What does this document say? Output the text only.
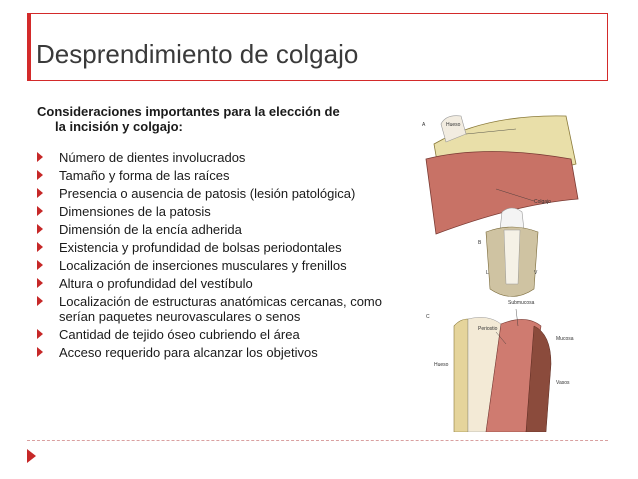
Desprendimiento de colgajo

Consideraciones importantes para la elección de
la incisión y colgajo:

Número de dientes involucrados
Tamaño y forma de las raíces
Presencia o ausencia de patosis (lesión patológica)
Dimensiones de la patosis
Dimensión de la encía adherida
Existencia y profundidad de bolsas periodontales
Localización de inserciones musculares y frenillos
Altura o profundidad del vestíbulo
Localización de estructuras anatómicas cercanas, como serían paquetes neurovasculares o senos
Cantidad de tejido óseo cubriendo el área
Acceso requerido para alcanzar los objetivos
A	Hueso
Colgajo
B
L	V
C
Submucosa
Periostio
Mucosa
Hueso
Vasos
